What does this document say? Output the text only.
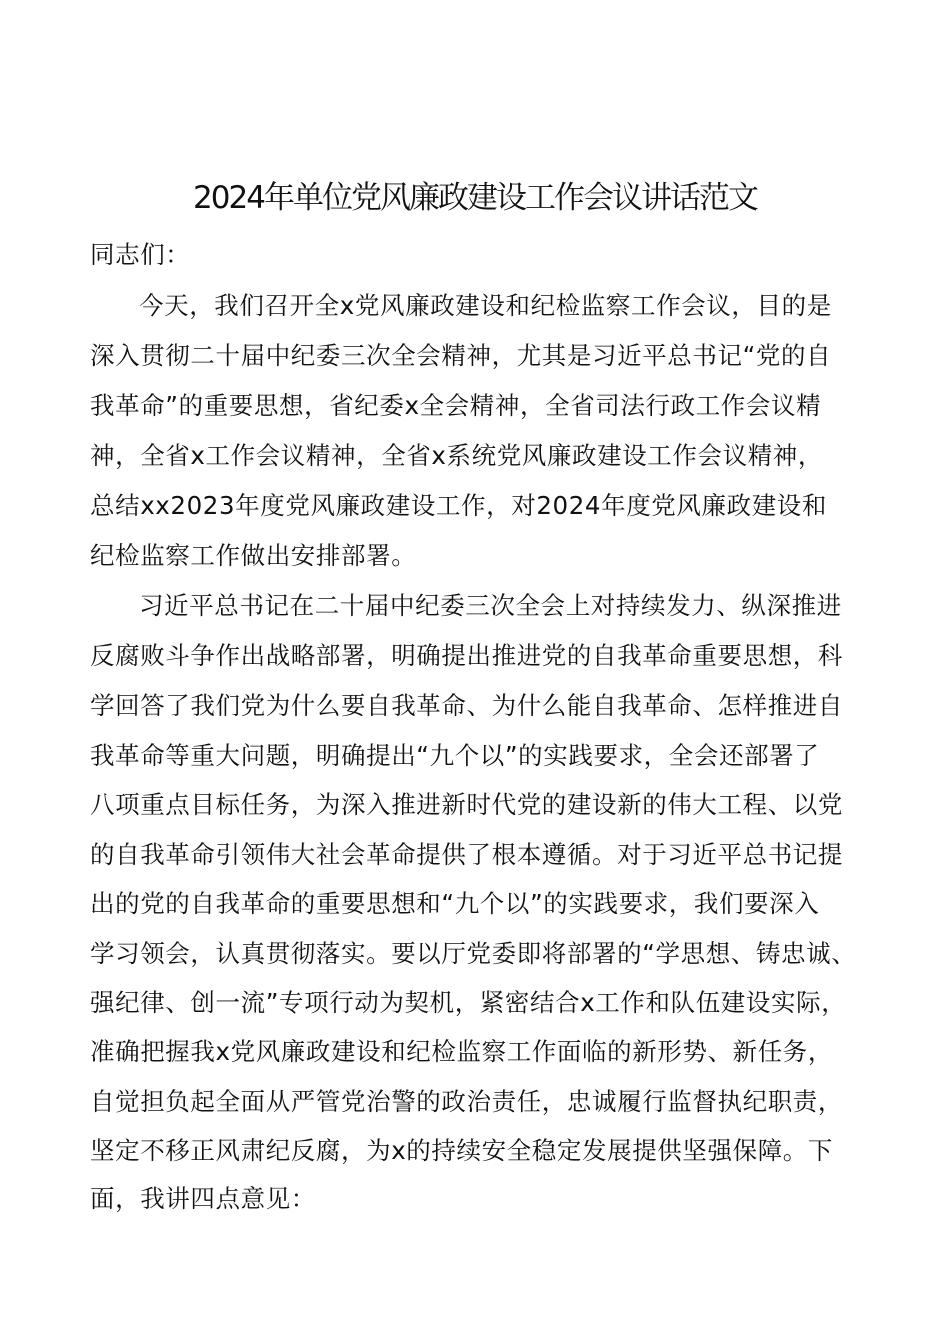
2024年单位党风廉政建设工作会议讲话范文
同志们：
今天，我们召开全x党风廉政建设和纪检监察工作会议，目的是
深入贯彻二十届中纪委三次全会精神，尤其是习近平总书记“党的自
我革命”的重要思想，省纪委x全会精神，全省司法行政工作会议精
神，全省x工作会议精神，全省x系统党风廉政建设工作会议精神，
总结xx2023年度党风廉政建设工作，对2024年度党风廉政建设和
纪检监察工作做出安排部署。
习近平总书记在二十届中纪委三次全会上对持续发力、纵深推进
反腐败斗争作出战略部署，明确提出推进党的自我革命重要思想，科
学回答了我们党为什么要自我革命、为什么能自我革命、怎样推进自
我革命等重大问题，明确提出“九个以”的实践要求，全会还部署了
八项重点目标任务，为深入推进新时代党的建设新的伟大工程、以党
的自我革命引领伟大社会革命提供了根本遵循。对于习近平总书记提
出的党的自我革命的重要思想和“九个以”的实践要求，我们要深入
学习领会，认真贯彻落实。要以厅党委即将部署的“学思想、铸忠诚、
强纪律、创一流”专项行动为契机，紧密结合x工作和队伍建设实际，
准确把握我x党风廉政建设和纪检监察工作面临的新形势、新任务，
自觉担负起全面从严管党治警的政治责任，忠诚履行监督执纪职责，
坚定不移正风肃纪反腐，为x的持续安全稳定发展提供坚强保障。下
面，我讲四点意见：
